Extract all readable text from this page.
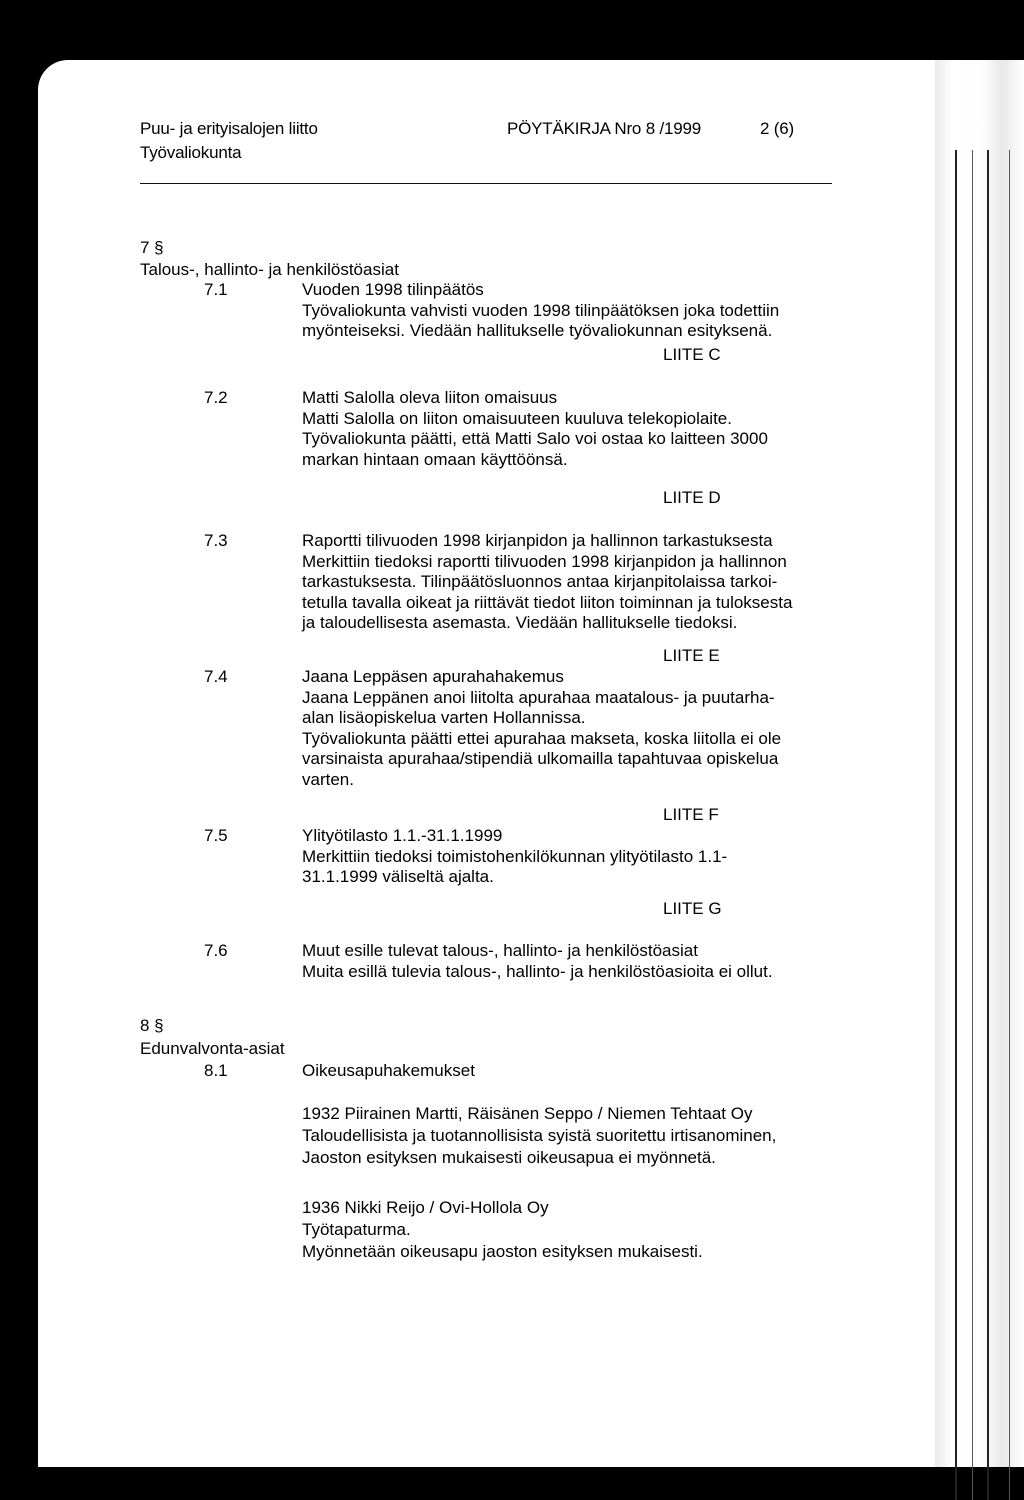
Puu- ja erityisalojen liitto
Työvaliokunta
PÖYTÄKIRJA Nro 8 /1999	2 (6)
7 §
Talous-, hallinto- ja henkilöstöasiat
7.1	Vuoden 1998 tilinpäätös
Työvaliokunta vahvisti vuoden 1998 tilinpäätöksen joka todettiin
myönteiseksi. Viedään hallitukselle työvaliokunnan esityksenä.
LIITE C
7.2	Matti Salolla oleva liiton omaisuus
Matti Salolla on liiton omaisuuteen kuuluva telekopiolaite.
Työvaliokunta päätti, että Matti Salo voi ostaa ko laitteen 3000
markan hintaan omaan käyttöönsä.
LIITE D
7.3	Raportti tilivuoden 1998 kirjanpidon ja hallinnon tarkastuksesta
Merkittiin tiedoksi raportti tilivuoden 1998 kirjanpidon ja hallinnon
tarkastuksesta. Tilinpäätösluonnos antaa kirjanpitolaissa tarkoi-
tetulla tavalla oikeat ja riittävät tiedot liiton toiminnan ja tuloksesta
ja taloudellisesta asemasta. Viedään hallitukselle tiedoksi.
LIITE E
7.4	Jaana Leppäsen apurahahakemus
Jaana Leppänen anoi liitolta apurahaa maatalous- ja puutarha-
alan lisäopiskelua varten Hollannissa.
Työvaliokunta päätti ettei apurahaa makseta, koska liitolla ei ole
varsinaista apurahaa/stipendiä ulkomailla tapahtuvaa opiskelua
varten.
LIITE F
7.5	Ylityötilasto 1.1.-31.1.1999
Merkittiin tiedoksi toimistohenkilökunnan ylityötilasto 1.1-
31.1.1999 väliseltä ajalta.
LIITE G
7.6	Muut esille tulevat talous-, hallinto- ja henkilöstöasiat
Muita esillä tulevia talous-, hallinto- ja henkilöstöasioita ei ollut.
8 §
Edunvalvonta-asiat
8.1	Oikeusapuhakemukset
1932 Piirainen Martti, Räisänen Seppo / Niemen Tehtaat Oy
Taloudellisista ja tuotannollisista syistä suoritettu irtisanominen,
Jaoston esityksen mukaisesti oikeusapua ei myönnetä.
1936 Nikki Reijo / Ovi-Hollola Oy
Työtapaturma.
Myönnetään oikeusapu jaoston esityksen mukaisesti.
